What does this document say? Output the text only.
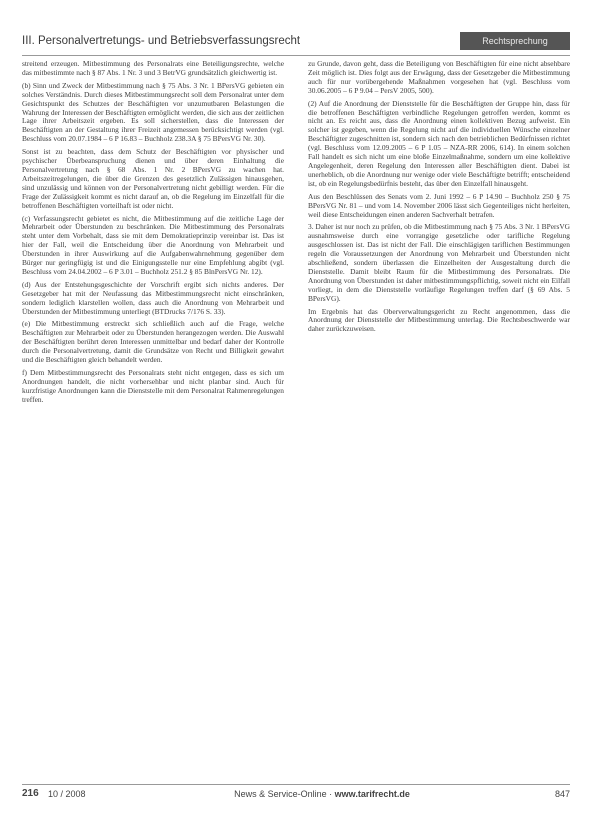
III. Personalvertretungs- und Betriebsverfassungsrecht	Rechtsprechung

streitend erzeugen. Mitbestimmung des Personalrats eine Beteiligungsrechte, welche das mitbestimmte nach § 87 Abs. 1 Nr. 3 und 3 BetrVG grundsätzlich gleichwertig ist.

(b) Sinn und Zweck der Mitbestimmung nach § 75 Abs. 3 Nr. 1 BPersVG gebieten ein solches Verständnis. Durch dieses Mitbestimmungsrecht soll dem Personalrat unter dem Gesichtspunkt des Schutzes der Beschäftigten vor unzumutbaren Belastungen die Wahrung der Interessen der Beschäftigten ermöglicht werden, die sich aus der zeitlichen Lage ihrer Arbeitszeit ergeben. Es soll sicherstellen, dass die Interessen der Beschäftigten an der Gestaltung ihrer Freizeit angemessen berücksichtigt werden (vgl. Beschluss vom 20.07.1984 – 6 P 16.83 – Buchholz 238.3A § 75 BPersVG Nr. 30).

Sonst ist zu beachten, dass dem Schutz der Beschäftigten vor physischer und psychischer Überbeanspruchung dienen und über deren Einhaltung die Personalvertretung nach § 68 Abs. 1 Nr. 2 BPersVG zu wachen hat. Arbeitszeitregelungen, die über die Grenzen des gesetzlich Zulässigen hinausgehen, sind unzulässig und können von der Personalvertretung nicht gebilligt werden. Für die Frage der Zulässigkeit kommt es nicht darauf an, ob die Regelung im Einzelfall für die betroffenen Beschäftigten vorteilhaft ist oder nicht.

(c) Verfassungsrecht gebietet es nicht, die Mitbestimmung auf die zeitliche Lage der Mehrarbeit oder Überstunden zu beschränken. Die Mitbestimmung des Personalrats steht unter dem Vorbehalt, dass sie mit dem Demokratieprinzip vereinbar ist. Das ist hier der Fall, weil die Entscheidung über die Anordnung von Mehrarbeit und Überstunden in ihrer Auswirkung auf die Aufgabenwahrnehmung gegenüber dem Bürger nur geringfügig ist und die Einigungsstelle nur eine Empfehlung abgibt (vgl. Beschluss vom 24.04.2002 – 6 P 3.01 – Buchholz 251.2 § 85 BlnPersVG Nr. 12).

(d) Aus der Entstehungsgeschichte der Vorschrift ergibt sich nichts anderes. Der Gesetzgeber hat mit der Neufassung das Mitbestimmungsrecht nicht einschränken, sondern lediglich klarstellen wollen, dass auch die Anordnung von Mehrarbeit und Überstunden der Mitbestimmung unterliegt (BTDrucks 7/176 S. 33).

(e) Die Mitbestimmung erstreckt sich schließlich auch auf die Frage, welche Beschäftigten zur Mehrarbeit oder zu Überstunden herangezogen werden. Die Auswahl der Beschäftigten berührt deren Interessen unmittelbar und bedarf daher der Kontrolle durch die Personalvertretung, damit die Grundsätze von Recht und Billigkeit gewahrt und die Beschäftigten gleich behandelt werden.

f) Dem Mitbestimmungsrecht des Personalrats steht nicht entgegen, dass es sich um Anordnungen handelt, die nicht vorhersehbar und nicht planbar sind. Auch für kurzfristige Anordnungen kann die Dienststelle mit dem Personalrat Rahmenregelungen treffen.

zu Grunde, davon geht, dass die Beteiligung von Beschäftigten für eine nicht absehbare Zeit möglich ist. Dies folgt aus der Erwägung, dass der Gesetzgeber die Mitbestimmung auch für nur vorübergehende Maßnahmen vorgesehen hat (vgl. Beschluss vom 30.06.2005 – 6 P 9.04 – PersV 2005, 500).

(2) Auf die Anordnung der Dienststelle für die Beschäftigten der Gruppe hin, dass für die betroffenen Beschäftigten verbindliche Regelungen getroffen werden, kommt es nicht an. Es reicht aus, dass die Anordnung einen kollektiven Bezug aufweist. Ein solcher ist gegeben, wenn die Regelung nicht auf die individuellen Wünsche einzelner Beschäftigter zugeschnitten ist, sondern sich nach den betrieblichen Bedürfnissen richtet (vgl. Beschluss vom 12.09.2005 – 6 P 1.05 – NZA-RR 2006, 614). In einem solchen Fall handelt es sich nicht um eine bloße Einzelmaßnahme, sondern um eine kollektive Angelegenheit, deren Regelung den Interessen aller Beschäftigten dient. Dabei ist unerheblich, ob die Anordnung nur wenige oder viele Beschäftigte betrifft; entscheidend ist, ob ein Regelungsbedürfnis besteht, das über den Einzelfall hinausgeht.

Aus den Beschlüssen des Senats vom 2. Juni 1992 – 6 P 14.90 – Buchholz 250 § 75 BPersVG Nr. 81 – und vom 14. November 2006 lässt sich Gegenteiliges nicht herleiten, weil diese Entscheidungen einen anderen Sachverhalt betrafen.

3. Daher ist nur noch zu prüfen, ob die Mitbestimmung nach § 75 Abs. 3 Nr. 1 BPersVG ausnahmsweise durch eine vorrangige gesetzliche oder tarifliche Regelung ausgeschlossen ist. Das ist nicht der Fall. Die einschlägigen tariflichen Bestimmungen regeln die Voraussetzungen der Anordnung von Mehrarbeit und Überstunden nicht abschließend, sondern überlassen die Einzelheiten der Ausgestaltung durch die Dienststelle. Damit bleibt Raum für die Mitbestimmung des Personalrats. Die Anordnung von Überstunden ist daher mitbestimmungspflichtig, soweit nicht ein Eilfall vorliegt, in dem die Dienststelle vorläufige Regelungen treffen darf (§ 69 Abs. 5 BPersVG).

Im Ergebnis hat das Oberverwaltungsgericht zu Recht angenommen, dass die Anordnung der Dienststelle der Mitbestimmung unterlag. Die Rechtsbeschwerde war daher zurückzuweisen.

216 10 / 2008	News & Service-Online · www.tarifrecht.de	847
